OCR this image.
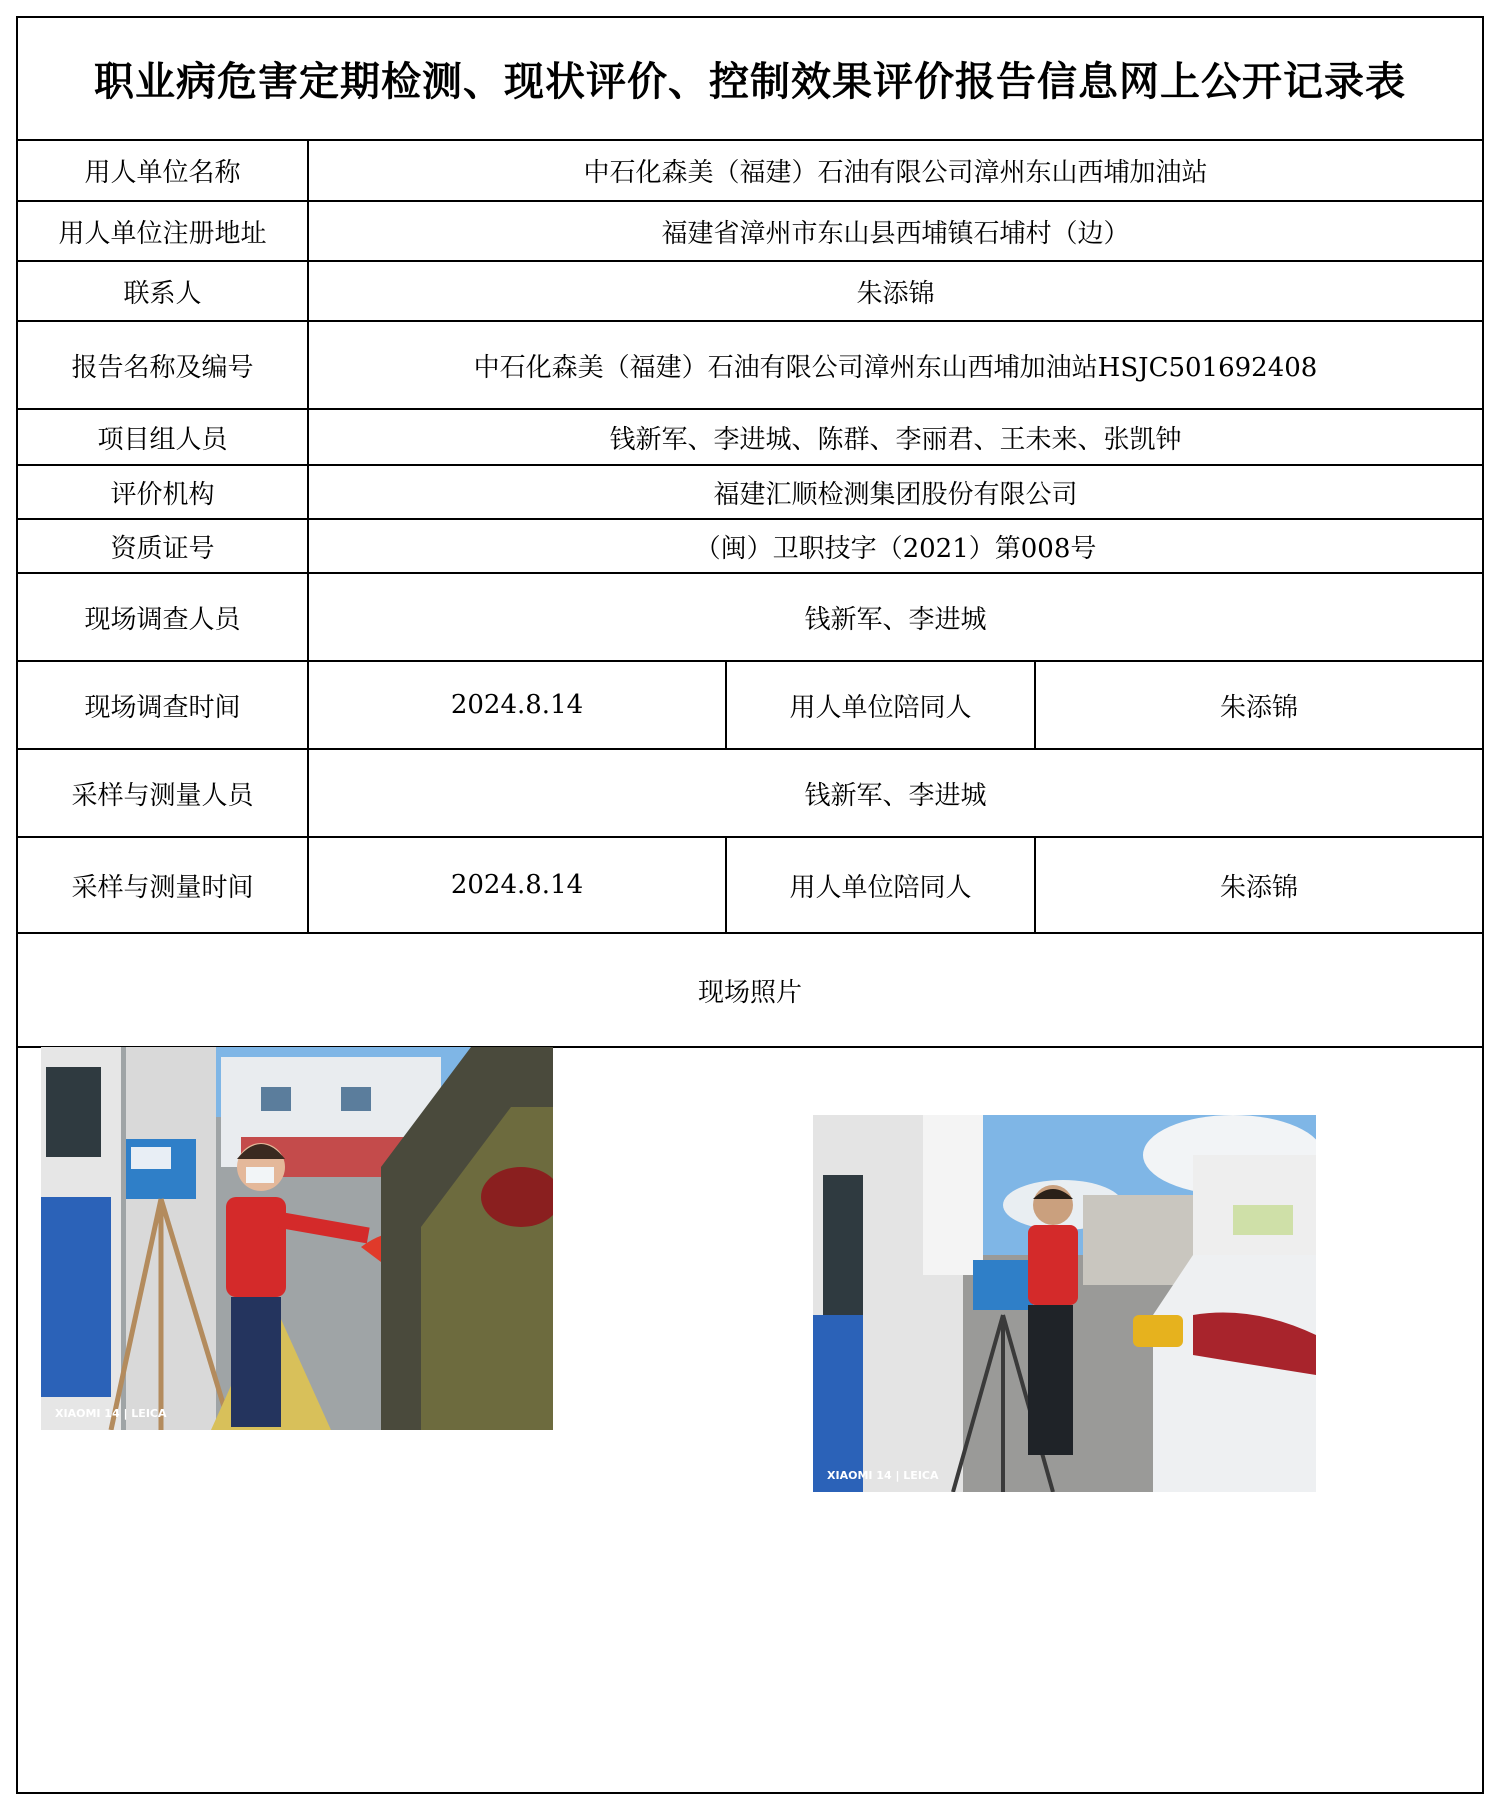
职业病危害定期检测、现状评价、控制效果评价报告信息网上公开记录表
用人单位名称	中石化森美（福建）石油有限公司漳州东山西埔加油站		
用人单位注册地址	福建省漳州市东山县西埔镇石埔村（边）		
联系人	朱添锦		
报告名称及编号	中石化森美（福建）石油有限公司漳州东山西埔加油站HSJC501692408		
项目组人员	钱新军、李进城、陈群、李丽君、王未来、张凯钟		
评价机构	福建汇顺检测集团股份有限公司		
资质证号	（闽）卫职技字（2021）第008号		
现场调查人员	钱新军、李进城		
现场调查时间	2024.8.14	用人单位陪同人	朱添锦
采样与测量人员	钱新军、李进城		
采样与测量时间	2024.8.14	用人单位陪同人	朱添锦
现场照片			
XIAOMI 14 | LEICA
XIAOMI 14 | LEICA
